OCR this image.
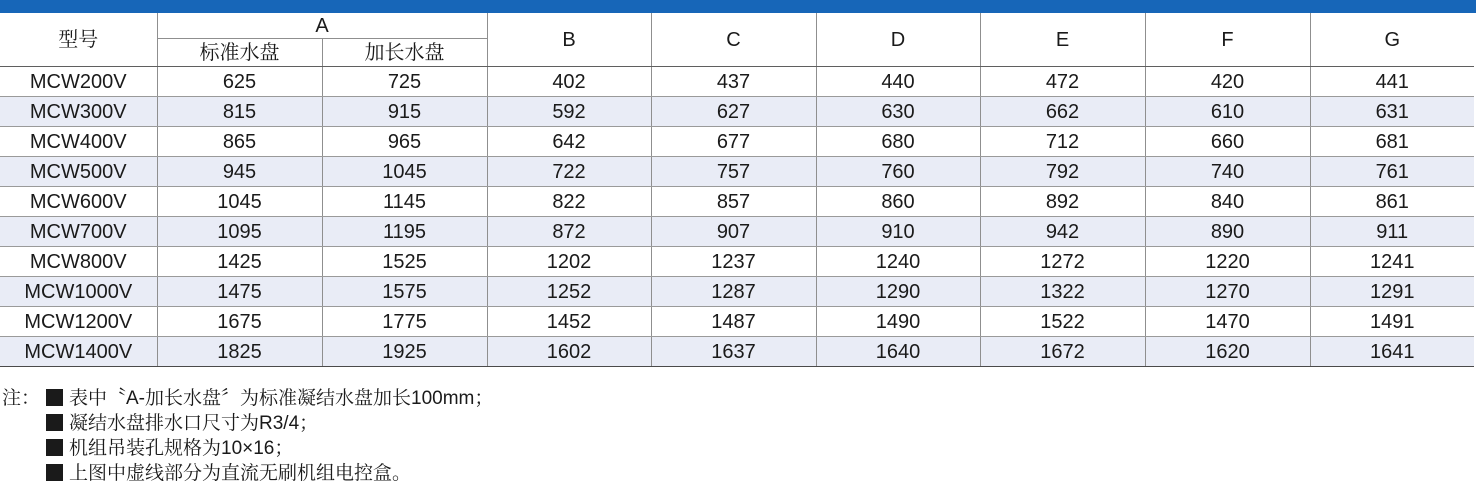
型号	A		B	C	D	E	F	G
	标准水盘	加长水盘						
MCW200V	625	725	402	437	440	472	420	441
MCW300V	815	915	592	627	630	662	610	631
MCW400V	865	965	642	677	680	712	660	681
MCW500V	945	1045	722	757	760	792	740	761
MCW600V	1045	1145	822	857	860	892	840	861
MCW700V	1095	1195	872	907	910	942	890	911
MCW800V	1425	1525	1202	1237	1240	1272	1220	1241
MCW1000V	1475	1575	1252	1287	1290	1322	1270	1291
MCW1200V	1675	1775	1452	1487	1490	1522	1470	1491
MCW1400V	1825	1925	1602	1637	1640	1672	1620	1641
注：	表中〝A-加长水盘〞为标准凝结水盘加长100mm；
凝结水盘排水口尺寸为R3/4；
机组吊装孔规格为10×16；
上图中虚线部分为直流无刷机组电控盒。
